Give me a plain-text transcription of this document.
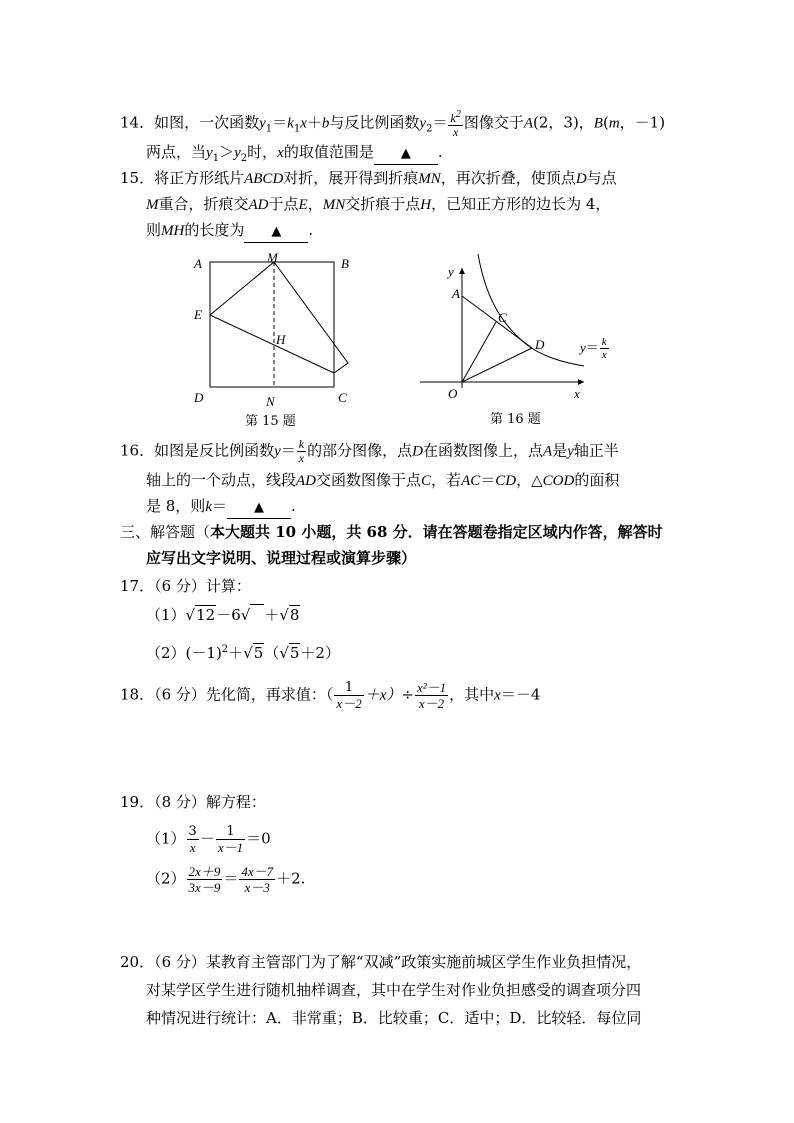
14．如图，一次函数$y_1=k_1x+b$与反比例函数$y_2= \frac{k^2}{x}$ 图像交于A(2，3)，B(m，－1)
两点，当$y_1>y_2$时，x的取值范围是 ▲ .
15．将正方形纸片ABCD对折，展开得到折痕MN，再次折叠，使顶点D与点
M重合，折痕交AD于点E，MN交折痕于点H，已知正方形的边长为 4，
则MH的长度为 ▲ .
A	M	B
E
H
D	N	C
第 15 题
y
A
C
D
O	x
$y= \frac{k}{x}$
第 16 题
16．如图是反比例函数$y= \frac{k}{x}$ 的部分图像，点D在函数图像上，点A是y轴正半
轴上的一个动点，线段AD交函数图像于点C，若AC＝CD，△COD的面积
是 8，则k＝ ▲ .
三、解答题（本大题共 10 小题，共 68 分．请在答题卷指定区域内作答，解答时
应写出文字说明、说理过程或演算步骤）
17．（6 分）计算：
（1）√12－6√ ＋√8
$(2)(-1)^2+√5(√5+2)$
18．（6 分）先化简，再求值：（ $\frac{1}{x-2} +x)\div \frac{\text{x²－1}}{x-2}$ ，其中x＝－4
19．（8 分）解方程：
$(1) \frac{3}{x} - \frac{1}{x-1} =0$
$(2) \frac{2x+9}{3x-9} = \frac{4x-7}{x-3} +2$.
20．（6 分）某教育主管部门为了解“双减”政策实施前城区学生作业负担情况，
对某学区学生进行随机抽样调查，其中在学生对作业负担感受的调查项分四
种情况进行统计：A．非常重；B．比较重；C．适中；D．比较轻．每位同
